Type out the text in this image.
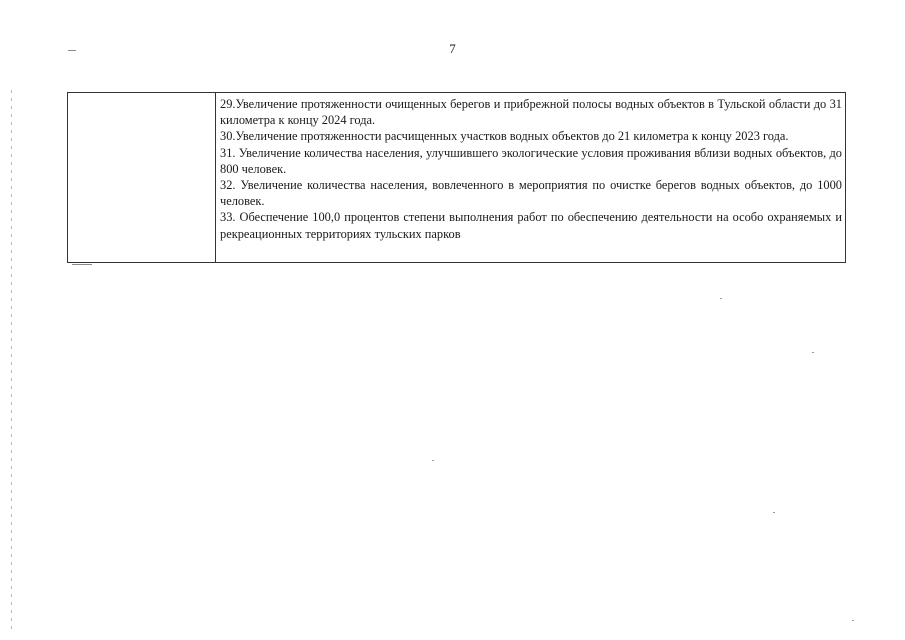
7
29.Увеличение протяженности очищенных берегов и прибрежной полосы водных объектов в Тульской области до 31 километра к концу 2024 года.
30.Увеличение протяженности расчищенных участков водных объектов до 21 километра к концу 2023 года.
31. Увеличение количества населения, улучшившего экологические условия проживания вблизи водных объектов, до 800 человек.
32. Увеличение количества населения, вовлеченного в мероприятия по очистке берегов водных объектов, до 1000 человек.
33. Обеспечение 100,0 процентов степени выполнения работ по обеспечению деятельности на особо охраняемых и рекреационных территориях тульских парков
